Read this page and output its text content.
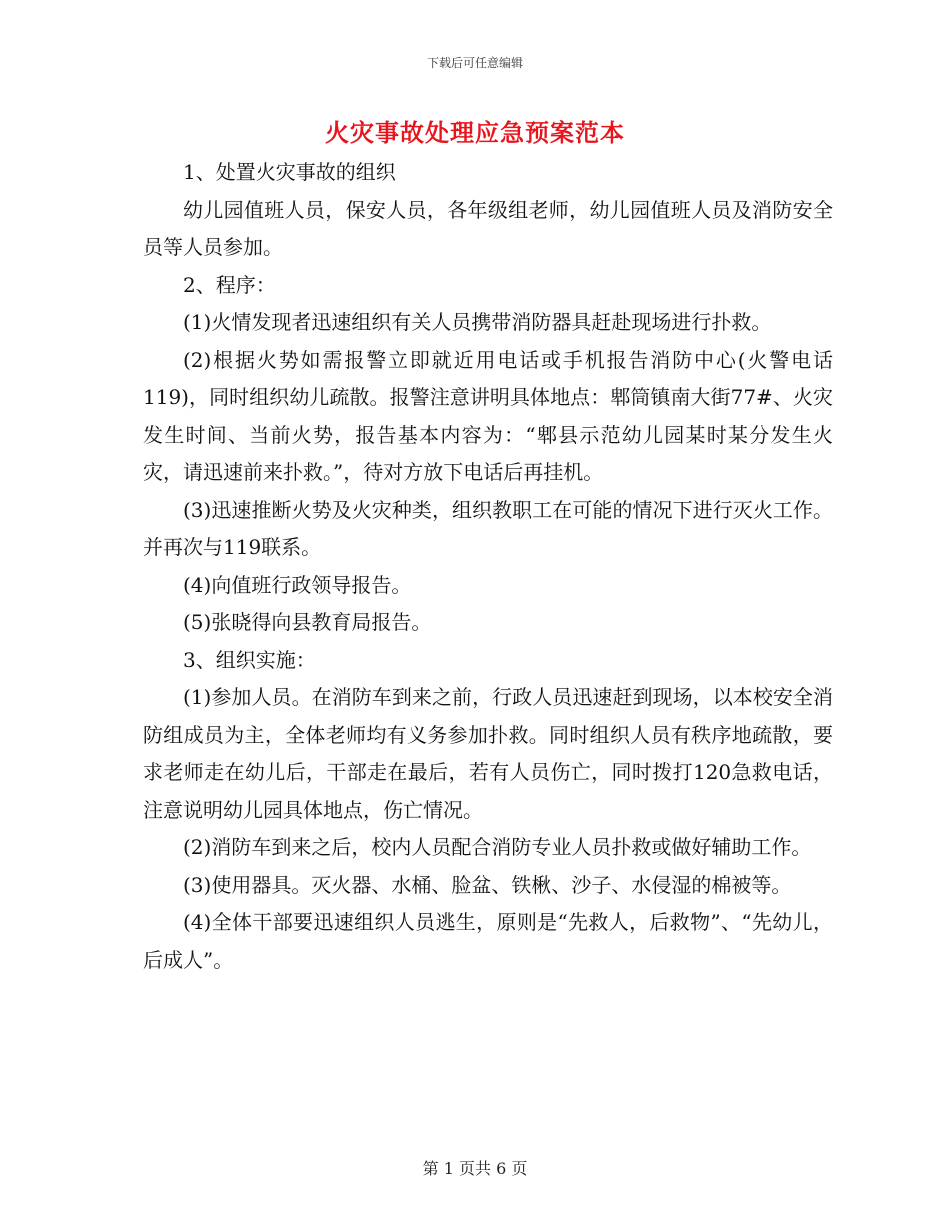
下载后可任意编辑
火灾事故处理应急预案范本

1、处置火灾事故的组织

幼儿园值班人员，保安人员，各年级组老师，幼儿园值班人员及消防安全员等人员参加。

2、程序：

(1)火情发现者迅速组织有关人员携带消防器具赶赴现场进行扑救。

(2)根据火势如需报警立即就近用电话或手机报告消防中心(火警电话119)，同时组织幼儿疏散。报警注意讲明具体地点：郫筒镇南大街77#、火灾发生时间、当前火势，报告基本内容为：“郫县示范幼儿园某时某分发生火灾，请迅速前来扑救。”，待对方放下电话后再挂机。

(3)迅速推断火势及火灾种类，组织教职工在可能的情况下进行灭火工作。并再次与119联系。

(4)向值班行政领导报告。

(5)张晓得向县教育局报告。

3、组织实施：

(1)参加人员。在消防车到来之前，行政人员迅速赶到现场，以本校安全消防组成员为主，全体老师均有义务参加扑救。同时组织人员有秩序地疏散，要求老师走在幼儿后，干部走在最后，若有人员伤亡，同时拨打120急救电话，注意说明幼儿园具体地点，伤亡情况。

(2)消防车到来之后，校内人员配合消防专业人员扑救或做好辅助工作。

(3)使用器具。灭火器、水桶、脸盆、铁楸、沙子、水侵湿的棉被等。

(4)全体干部要迅速组织人员逃生，原则是“先救人，后救物”、“先幼儿，后成人”。

第 1 页共 6 页
